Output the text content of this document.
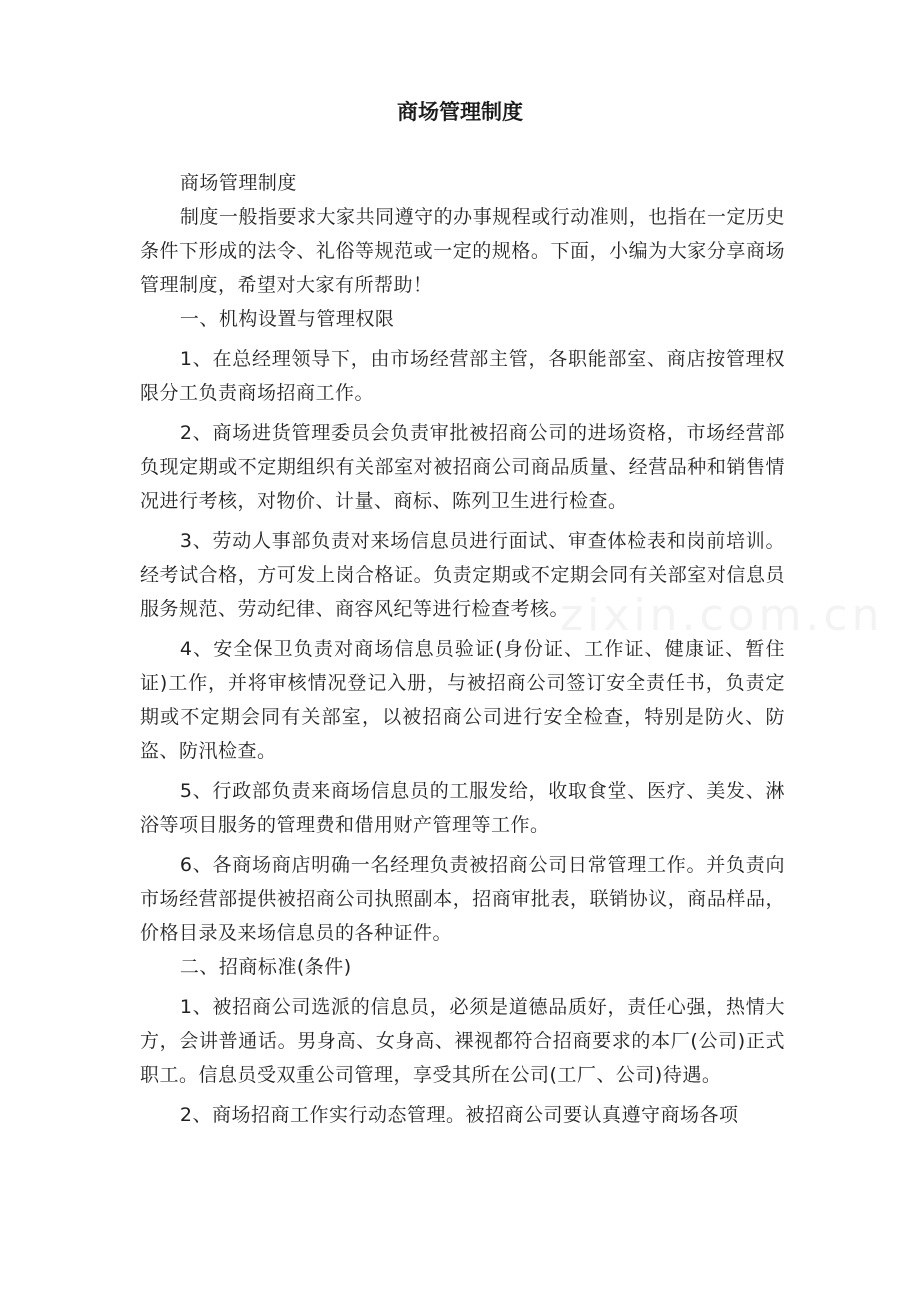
商场管理制度

商场管理制度

制度一般指要求大家共同遵守的办事规程或行动准则，也指在一定历史条件下形成的法令、礼俗等规范或一定的规格。下面，小编为大家分享商场管理制度，希望对大家有所帮助！

一、机构设置与管理权限

1、在总经理领导下，由市场经营部主管，各职能部室、商店按管理权限分工负责商场招商工作。

2、商场进货管理委员会负责审批被招商公司的进场资格，市场经营部负现定期或不定期组织有关部室对被招商公司商品质量、经营品种和销售情况进行考核，对物价、计量、商标、陈列卫生进行检查。

3、劳动人事部负责对来场信息员进行面试、审查体检表和岗前培训。经考试合格，方可发上岗合格证。负责定期或不定期会同有关部室对信息员服务规范、劳动纪律、商容风纪等进行检查考核。

4、安全保卫负责对商场信息员验证(身份证、工作证、健康证、暂住证)工作，并将审核情况登记入册，与被招商公司签订安全责任书，负责定期或不定期会同有关部室，以被招商公司进行安全检查，特别是防火、防盗、防汛检查。

5、行政部负责来商场信息员的工服发给，收取食堂、医疗、美发、淋浴等项目服务的管理费和借用财产管理等工作。

6、各商场商店明确一名经理负责被招商公司日常管理工作。并负责向市场经营部提供被招商公司执照副本，招商审批表，联销协议，商品样品，价格目录及来场信息员的各种证件。

二、招商标准(条件)

1、被招商公司选派的信息员，必须是道德品质好，责任心强，热情大方，会讲普通话。男身高、女身高、裸视都符合招商要求的本厂(公司)正式职工。信息员受双重公司管理，享受其所在公司(工厂、公司)待遇。

2、商场招商工作实行动态管理。被招商公司要认真遵守商场各项

zixin.com.cn
